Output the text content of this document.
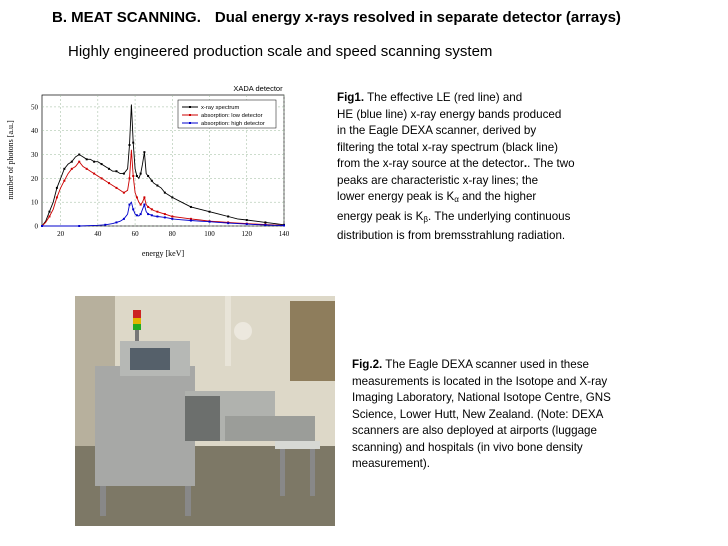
B. MEAT SCANNING. Dual energy x-rays resolved in separate detector (arrays)
Highly engineered production scale and speed scanning system
20	40	60	80	100	120	140
0
10
20
30
40
50
XADA detector
energy [keV]
number of photons [a.u.]
x-ray spectrum
absorption: low detector
absorption: high detector
Fig1. The effective LE (red line) and
HE (blue line) x-ray energy bands produced
in the Eagle DEXA scanner, derived by
filtering the total x-ray spectrum (black line)
from the x-ray source at the detector.. The two
peaks are characteristic x-ray lines; the
lower energy peak is $K_\alpha$ and the higher
energy peak is $K_\beta$. The underlying continuous
distribution is from bremsstrahlung radiation.
Fig.2. The Eagle DEXA scanner used in these
measurements is located in the Isotope and X-ray
Imaging Laboratory, National Isotope Centre, GNS
Science, Lower Hutt, New Zealand. (Note: DEXA
scanners are also deployed at airports (luggage
scanning) and hospitals (in vivo bone density
measurement).
